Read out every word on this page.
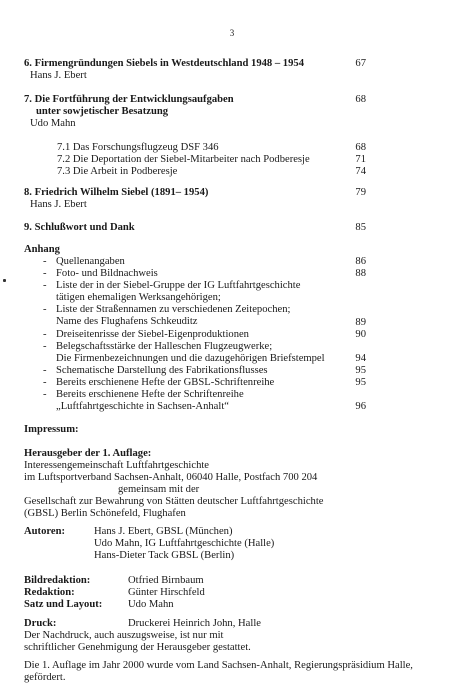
3
6. Firmengründungen Siebels in Westdeutschland 1948 – 1954	67
Hans J. Ebert
7. Die Fortführung der Entwicklungsaufgaben	68
unter sowjetischer Besatzung
Udo Mahn
7.1 Das Forschungsflugzeug DSF 346	68
7.2 Die Deportation der Siebel-Mitarbeiter nach Podberesje	71
7.3 Die Arbeit in Podberesje	74
8. Friedrich Wilhelm Siebel (1891– 1954)	79
Hans J. Ebert
9. Schlußwort und Dank	85
Anhang
- Quellenangaben	86
- Foto- und Bildnachweis	88
- Liste der in der Siebel-Gruppe der IG Luftfahrtgeschichte
tätigen ehemaligen Werksangehörigen;
- Liste der Straßennamen zu verschiedenen Zeitepochen;
Name des Flughafens Schkeuditz	89
- Dreiseitenrisse der Siebel-Eigenproduktionen	90
- Belegschaftsstärke der Halleschen Flugzeugwerke;
Die Firmenbezeichnungen und die dazugehörigen Briefstempel	94
- Schematische Darstellung des Fabrikationsflusses	95
- Bereits erschienene Hefte der GBSL-Schriftenreihe	95
- Bereits erschienene Hefte der Schriftenreihe
„Luftfahrtgeschichte in Sachsen-Anhalt“	96
Impressum:
Herausgeber der 1. Auflage:
Interessengemeinschaft Luftfahrtgeschichte
im Luftsportverband Sachsen-Anhalt, 06040 Halle, Postfach 700 204
gemeinsam mit der
Gesellschaft zur Bewahrung von Stätten deutscher Luftfahrtgeschichte
(GBSL) Berlin Schönefeld, Flughafen
Autoren:	Hans J. Ebert, GBSL (München)
Udo Mahn, IG Luftfahrtgeschichte (Halle)
Hans-Dieter Tack GBSL (Berlin)
Bildredaktion:	Otfried Birnbaum
Redaktion:	Günter Hirschfeld
Satz und Layout: Udo Mahn
Druck:	Druckerei Heinrich John, Halle
Der Nachdruck, auch auszugsweise, ist nur mit
schriftlicher Genehmigung der Herausgeber gestattet.
Die 1. Auflage im Jahr 2000 wurde vom Land Sachsen-Anhalt, Regierungspräsidium Halle,
gefördert.
